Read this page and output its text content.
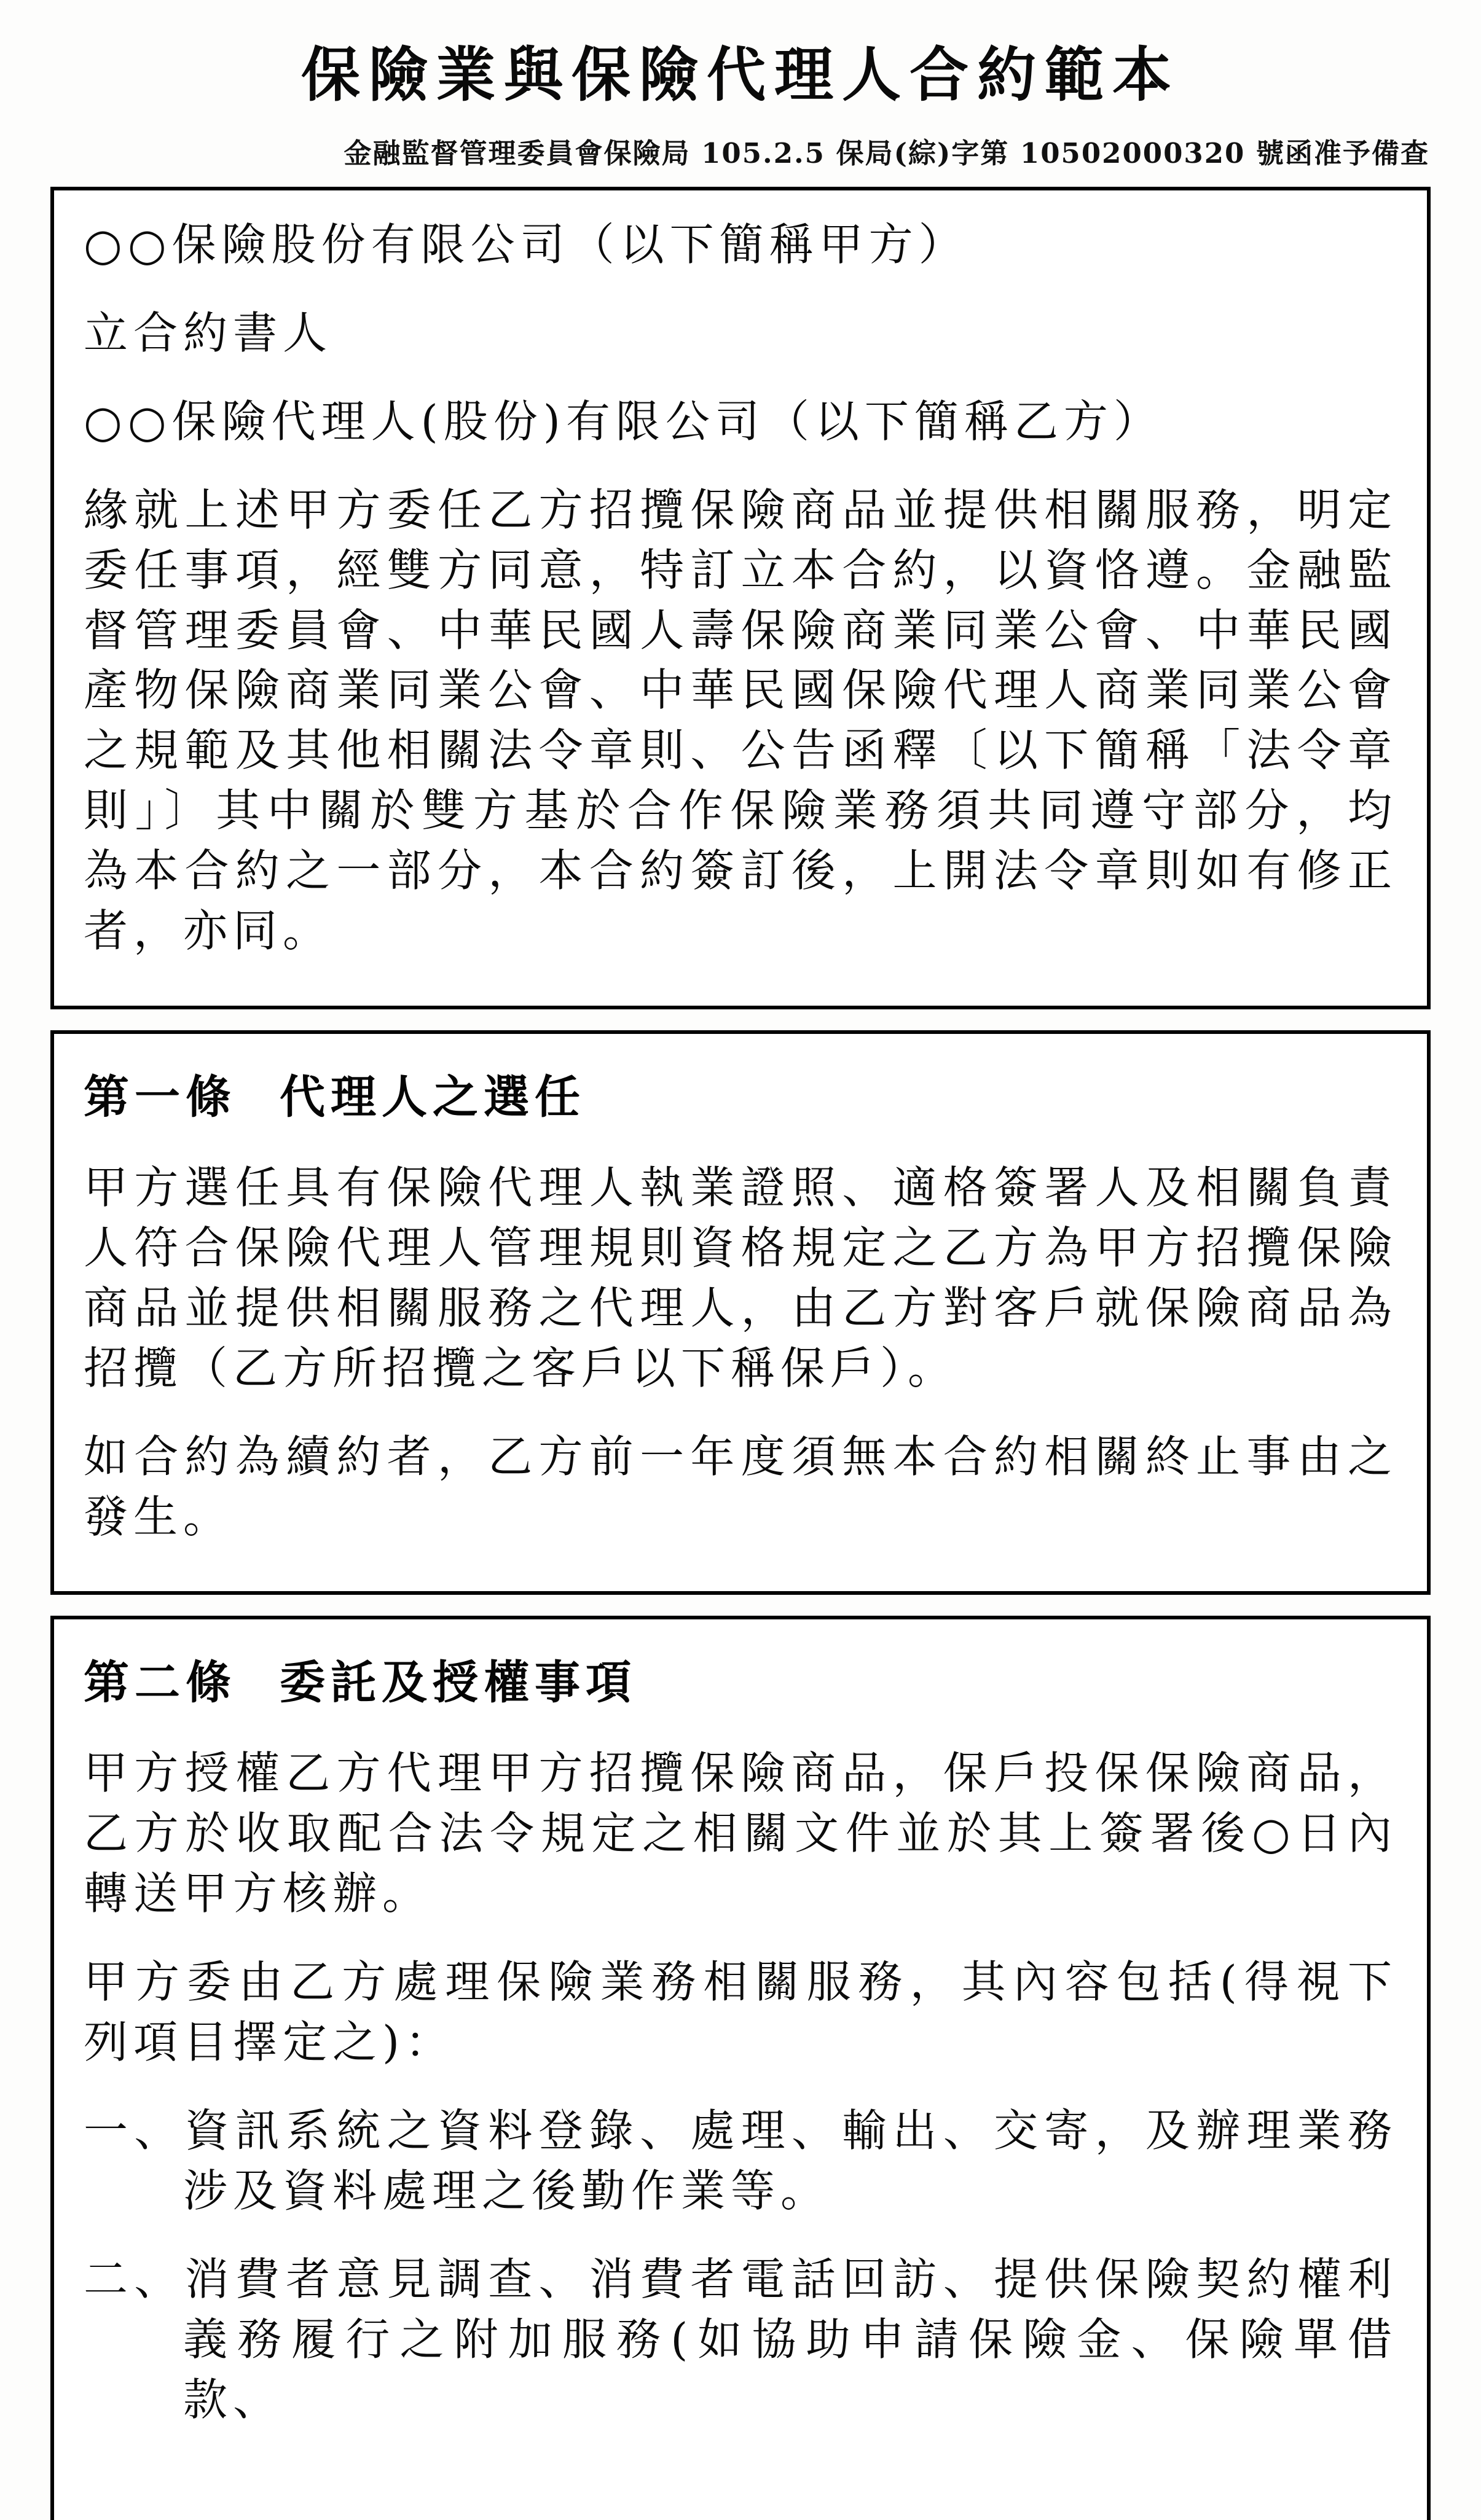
保險業與保險代理人合約範本
金融監督管理委員會保險局 105.2.5 保局(綜)字第 10502000320 號函准予備查

○○保險股份有限公司（以下簡稱甲方）

立合約書人

○○保險代理人(股份)有限公司（以下簡稱乙方）

緣就上述甲方委任乙方招攬保險商品並提供相關服務，明定委任事項，經雙方同意，特訂立本合約，以資恪遵。金融監督管理委員會、中華民國人壽保險商業同業公會、中華民國產物保險商業同業公會、中華民國保險代理人商業同業公會之規範及其他相關法令章則、公告函釋〔以下簡稱「法令章則」〕其中關於雙方基於合作保險業務須共同遵守部分，均為本合約之一部分，本合約簽訂後，上開法令章則如有修正者，亦同。

第一條 代理人之選任

甲方選任具有保險代理人執業證照、適格簽署人及相關負責人符合保險代理人管理規則資格規定之乙方為甲方招攬保險商品並提供相關服務之代理人，由乙方對客戶就保險商品為招攬（乙方所招攬之客戶以下稱保戶）。

如合約為續約者，乙方前一年度須無本合約相關終止事由之發生。

第二條 委託及授權事項

甲方授權乙方代理甲方招攬保險商品，保戶投保保險商品，乙方於收取配合法令規定之相關文件並於其上簽署後○日內轉送甲方核辦。

甲方委由乙方處理保險業務相關服務，其內容包括(得視下列項目擇定之)：

一、資訊系統之資料登錄、處理、輸出、交寄，及辦理業務涉及資料處理之後勤作業等。

二、消費者意見調查、消費者電話回訪、提供保險契約權利義務履行之附加服務(如協助申請保險金、保險單借款、
